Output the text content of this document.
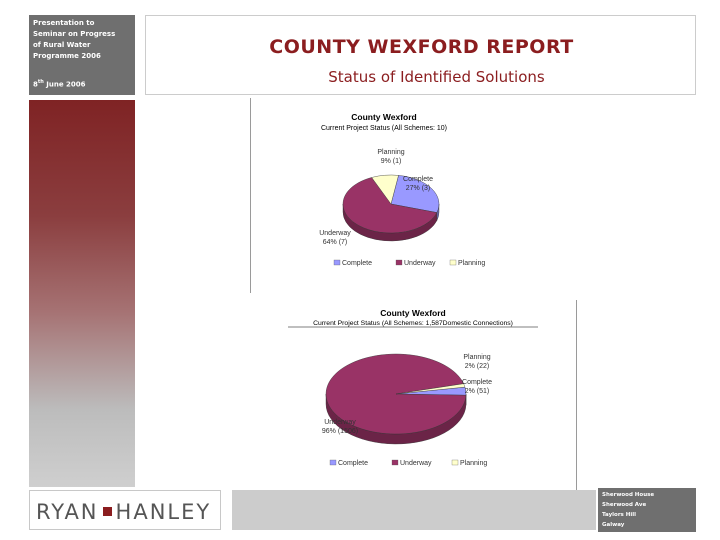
Presentation to
Seminar on Progress
of Rural Water
Programme 2006
8th June 2006
RYAN HANLEY
Sherwood House
Sherwood Ave
Taylors Hill
Galway
COUNTY WEXFORD REPORT
Status of Identified Solutions
County Wexford
Current Project Status (All Schemes: 10)
Complete
27% (3)
Underway
64% (7)
Planning
9% (1)
Complete	Underway	Planning
County Wexford
Current Project Status (All Schemes: 1,587Domestic Connections)
Complete
2% (51)
Underway
96% (1506)
Planning
2% (22)
Complete	Underway	Planning
